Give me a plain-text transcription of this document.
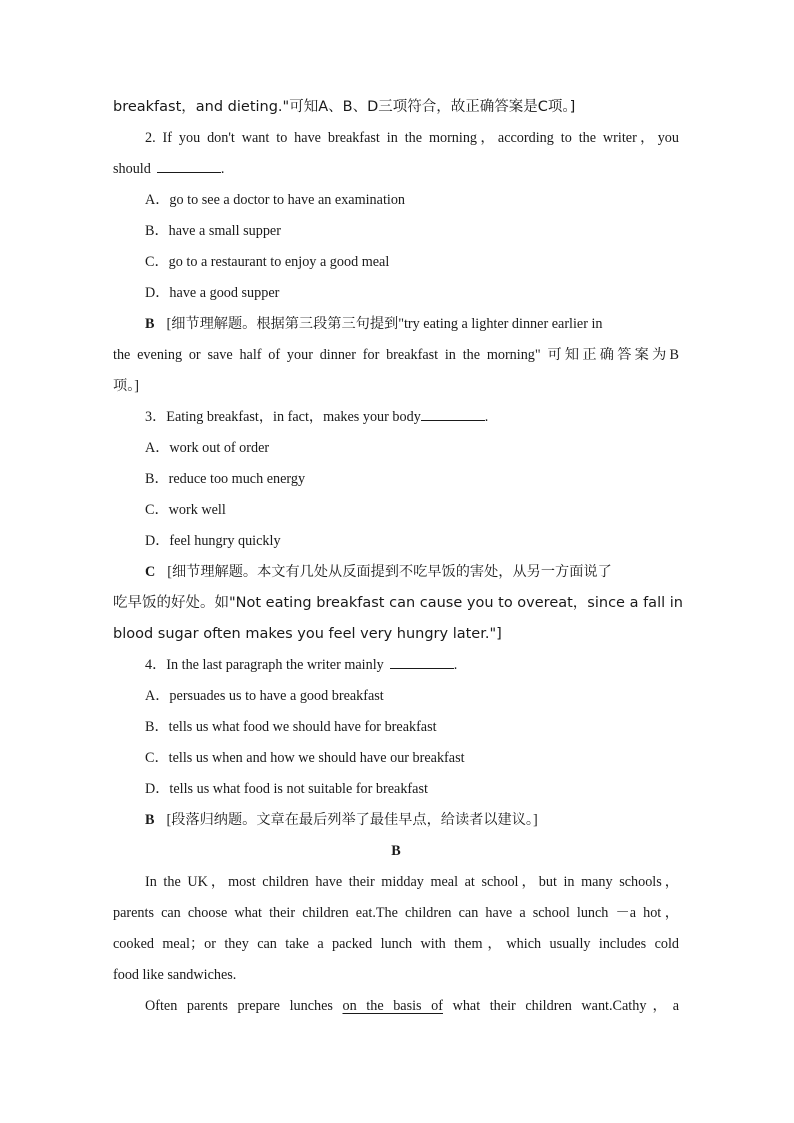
breakfast，and dieting."可知A、B、D三项符合，故正确答案是C项。]

2. If you don't want to have breakfast in the morning，according to the writer，you

should	.

A．go to see a doctor to have an examination

B．have a small supper

C．go to a restaurant to enjoy a good meal

D．have a good supper

B [细节理解题。根据第三段第三句提到"try eating a lighter dinner earlier in

the evening or save half of your dinner for breakfast in the morning" 可知正确答案为B

项。]

3．Eating breakfast，in fact，makes your body	.

A．work out of order

B．reduce too much energy

C．work well

D．feel hungry quickly

C [细节理解题。本文有几处从反面提到不吃早饭的害处，从另一方面说了

吃早饭的好处。如"Not eating breakfast can cause you to overeat，since a fall in

blood sugar often makes you feel very hungry later."]

4．In the last paragraph the writer mainly	.

A．persuades us to have a good breakfast

B．tells us what food we should have for breakfast

C．tells us when and how we should have our breakfast

D．tells us what food is not suitable for breakfast

B [段落归纳题。文章在最后列举了最佳早点，给读者以建议。]

B

In the UK，most children have their midday meal at school，but in many schools，

parents can choose what their children eat.The children can have a school lunch －a hot，

cooked meal；or they can take a packed lunch with them，which usually includes cold

food like sandwiches.

Often parents prepare lunches on the basis of what their children want.Cathy，a
